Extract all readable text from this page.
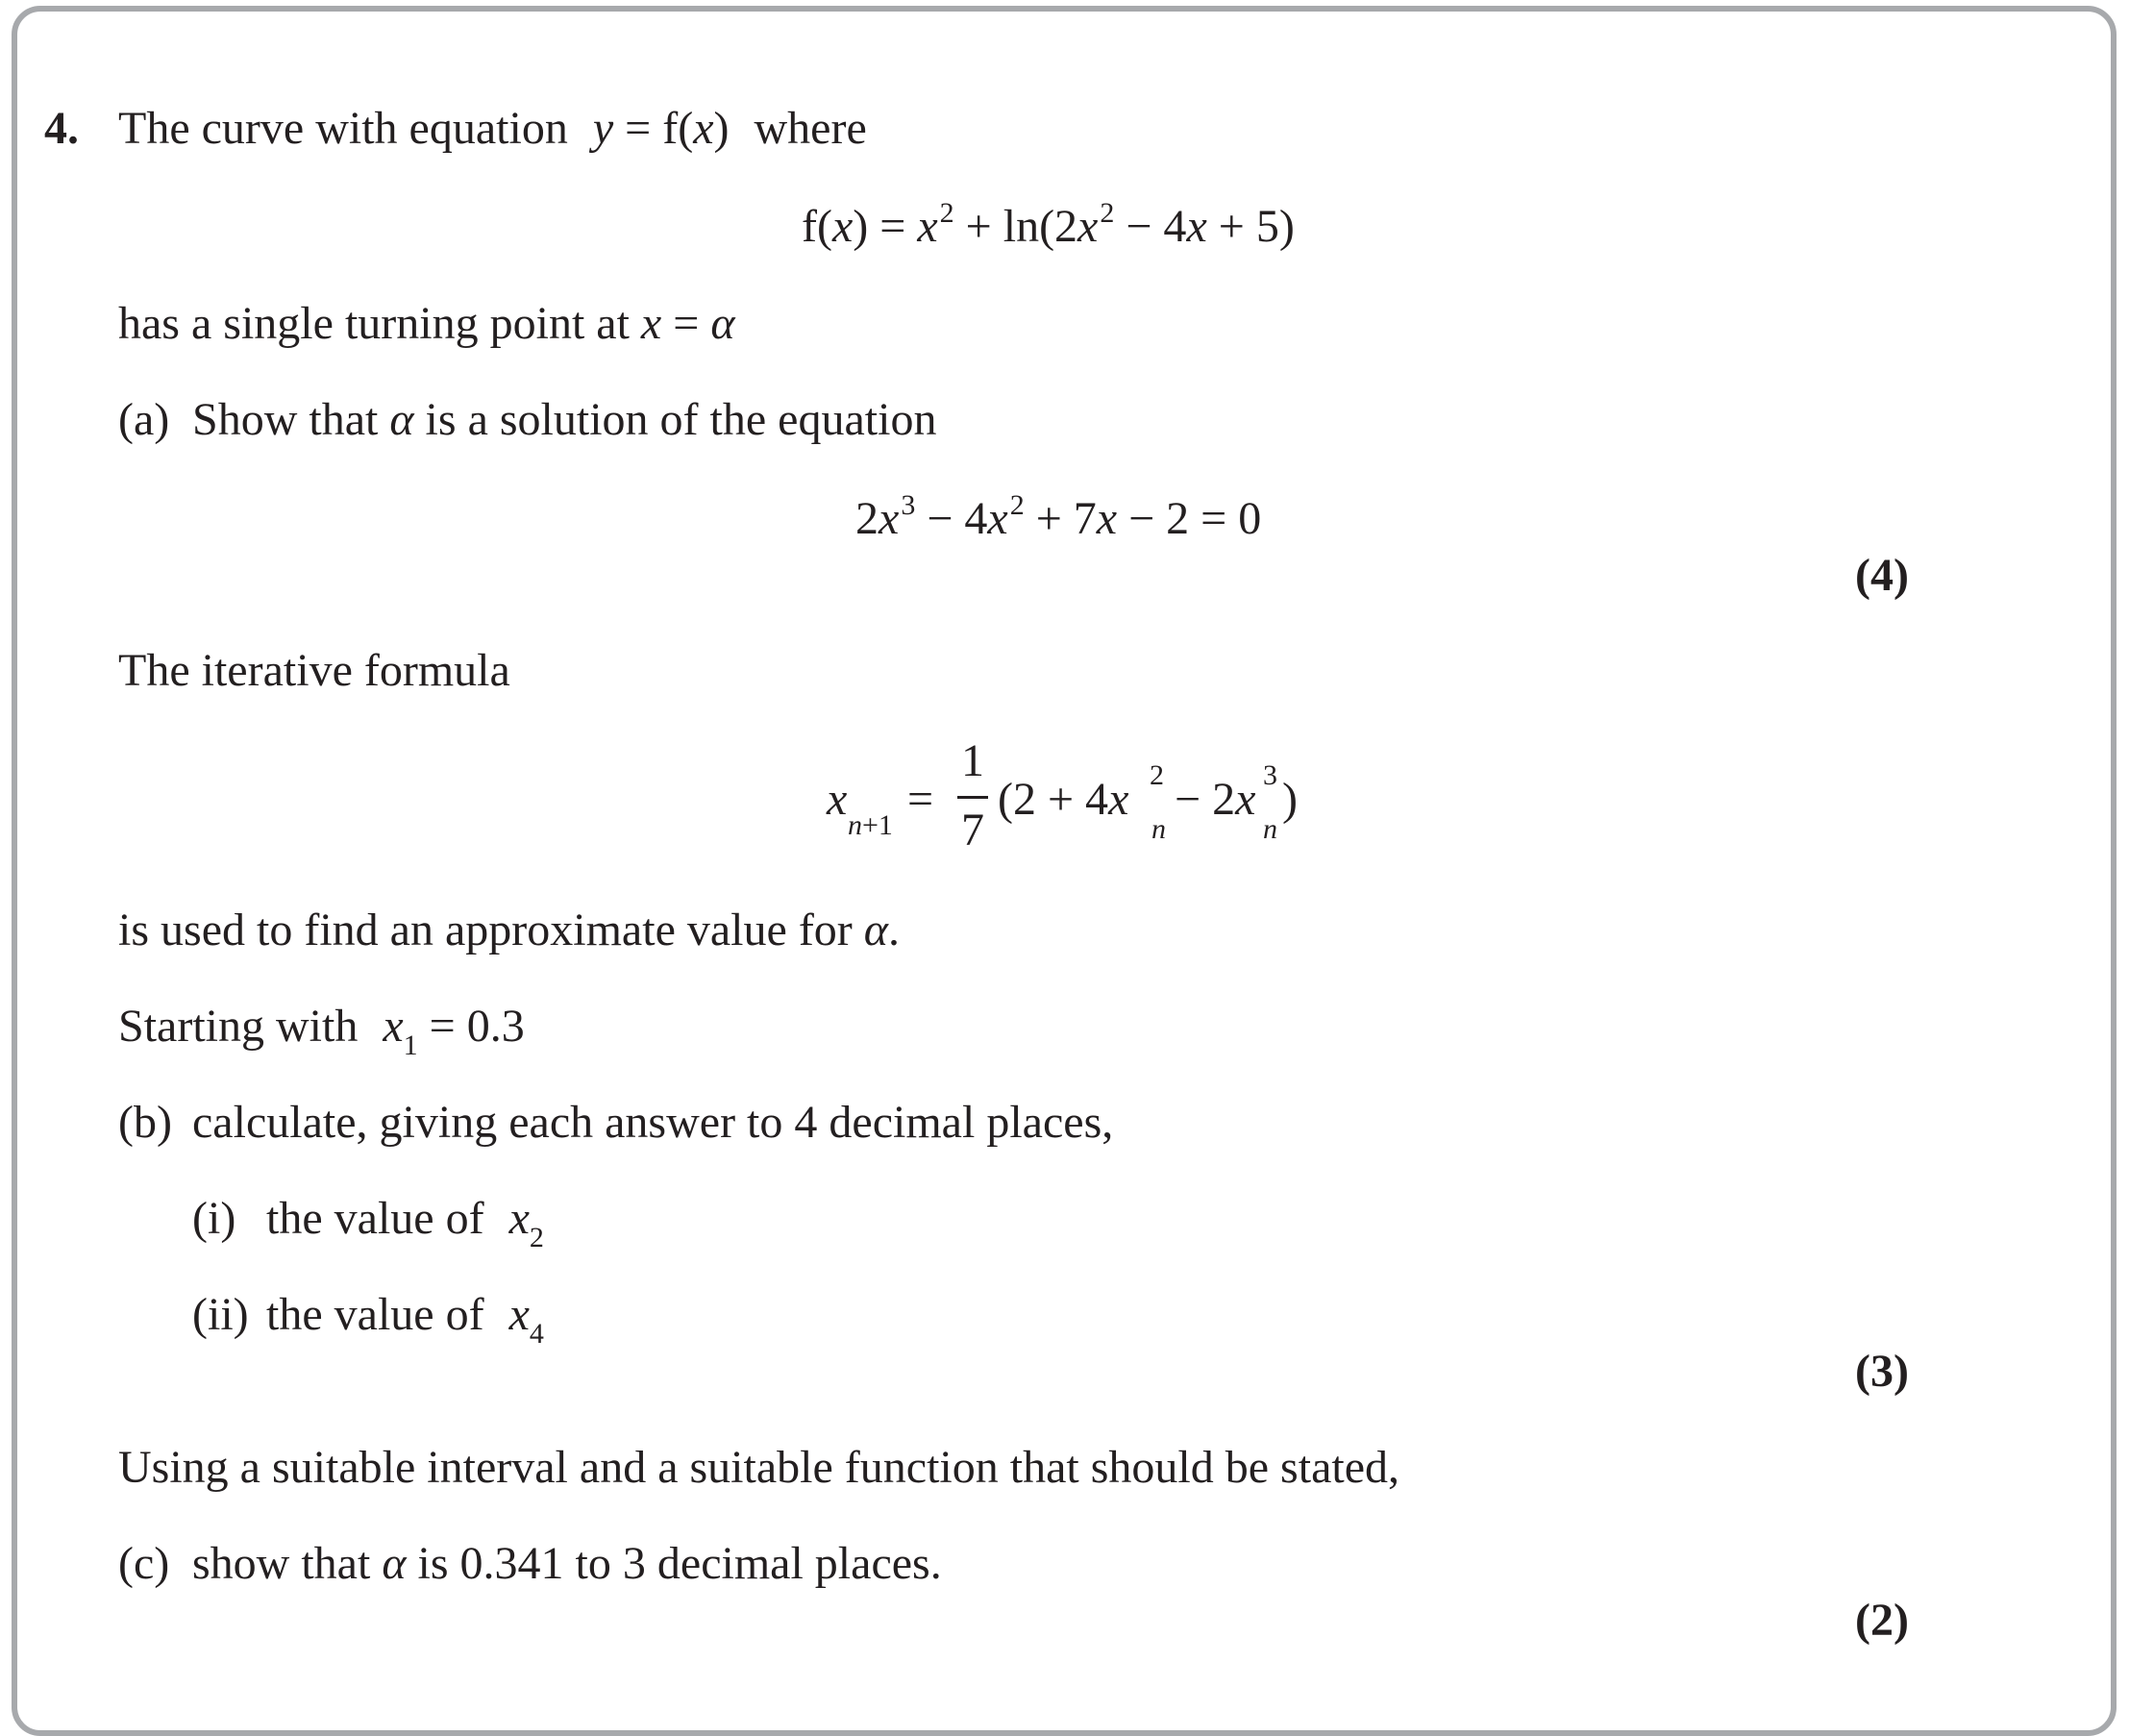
4. The curve with equation y = f(x) where
$f(x) = x^2 + \ln(2x^2 - 4x + 5)$
has a single turning point at x = α
(a) Show that α is a solution of the equation
$2x^3 - 4x^2 + 7x - 2 = 0$
(4)
The iterative formula
x
n+1
=
1
7
(2 + 4x
n
2 − 2x
n
3 )
is used to find an approximate value for α.
Starting with $x_1 = 0.3$
(b) calculate, giving each answer to 4 decimal places,
(i) the value of $x_2$
(ii) the value of $x_4$
(3)
Using a suitable interval and a suitable function that should be stated,
(c) show that α is 0.341 to 3 decimal places.
(2)
